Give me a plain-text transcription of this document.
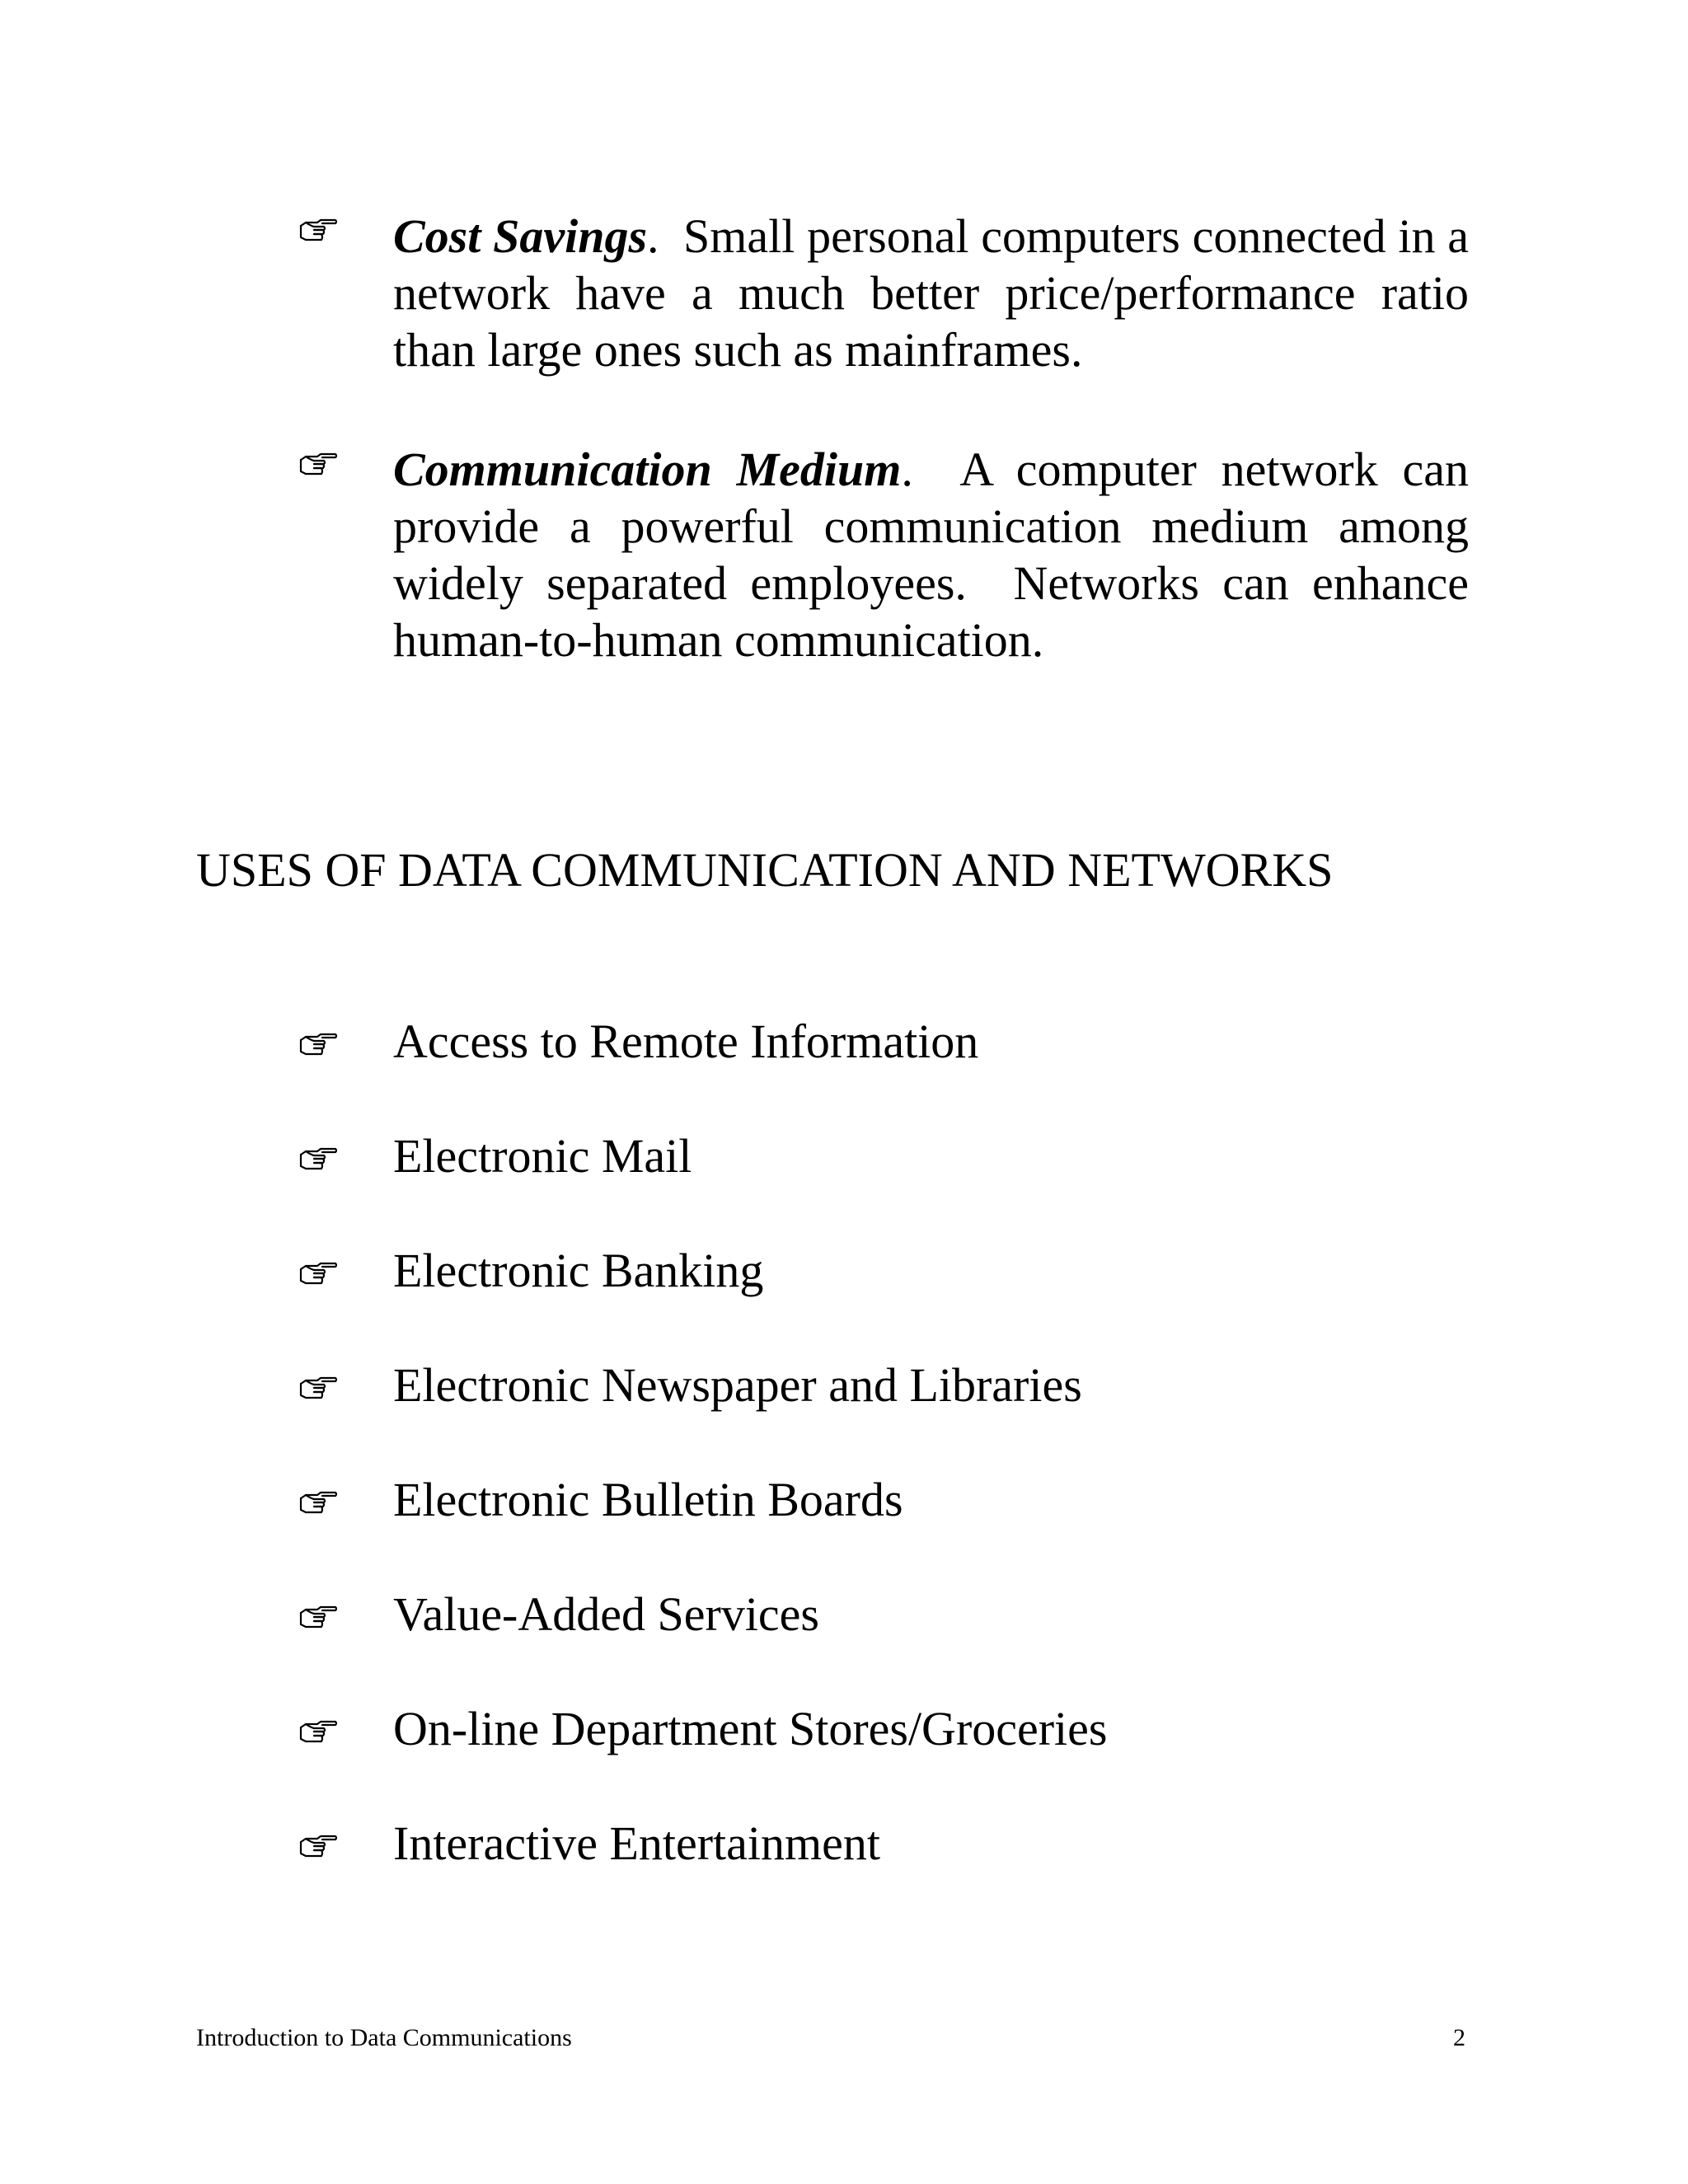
Cost Savings.  Small personal computers connected in a network have a much better price/performance ratio than large ones such as mainframes.

Communication Medium.  A computer network can provide a powerful communication medium among widely separated employees.  Networks can enhance human-to-human communication.

USES OF DATA COMMUNICATION AND NETWORKS
Access to Remote Information
Electronic Mail
Electronic Banking
Electronic Newspaper and Libraries
Electronic Bulletin Boards
Value-Added Services
On-line Department Stores/Groceries
Interactive Entertainment
Introduction to Data Communications	2
